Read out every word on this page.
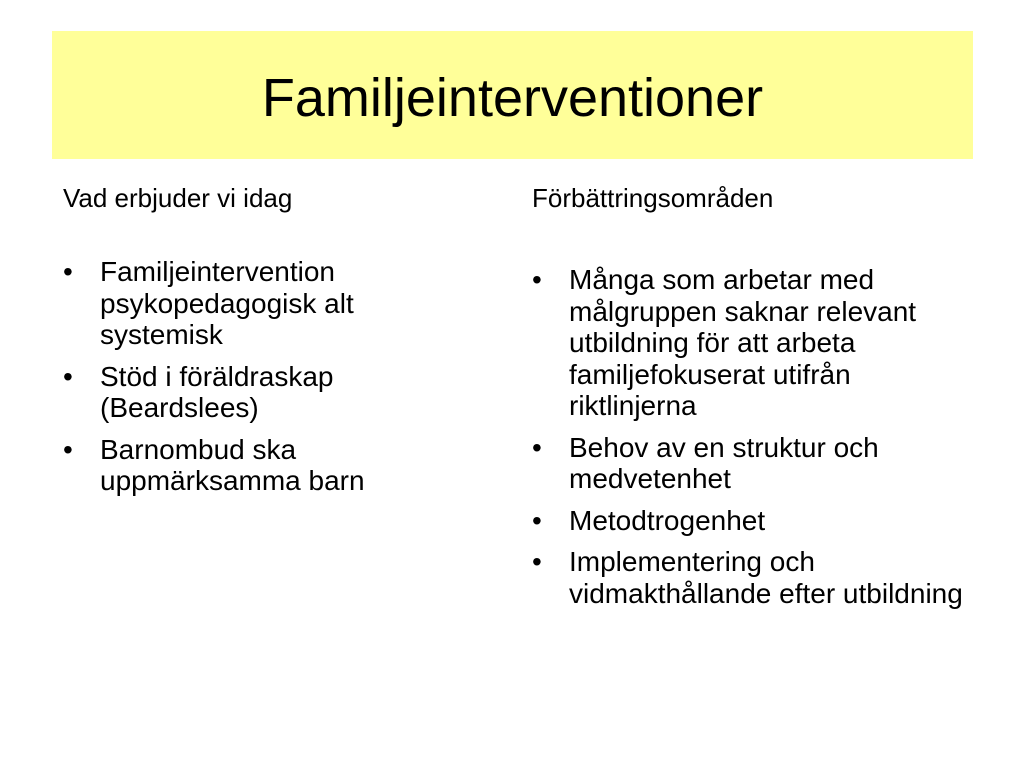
Familjeinterventioner

Vad erbjuder vi idag

• Familjeintervention psykopedagogisk alt systemisk
• Stöd i föräldraskap (Beardslees)
• Barnombud ska uppmärksamma barn

Förbättringsområden

• Många som arbetar med målgruppen saknar relevant utbildning för att arbeta familjefokuserat utifrån riktlinjerna
• Behov av en struktur och medvetenhet
• Metodtrogenhet
• Implementering och vidmakthållande efter utbildning
